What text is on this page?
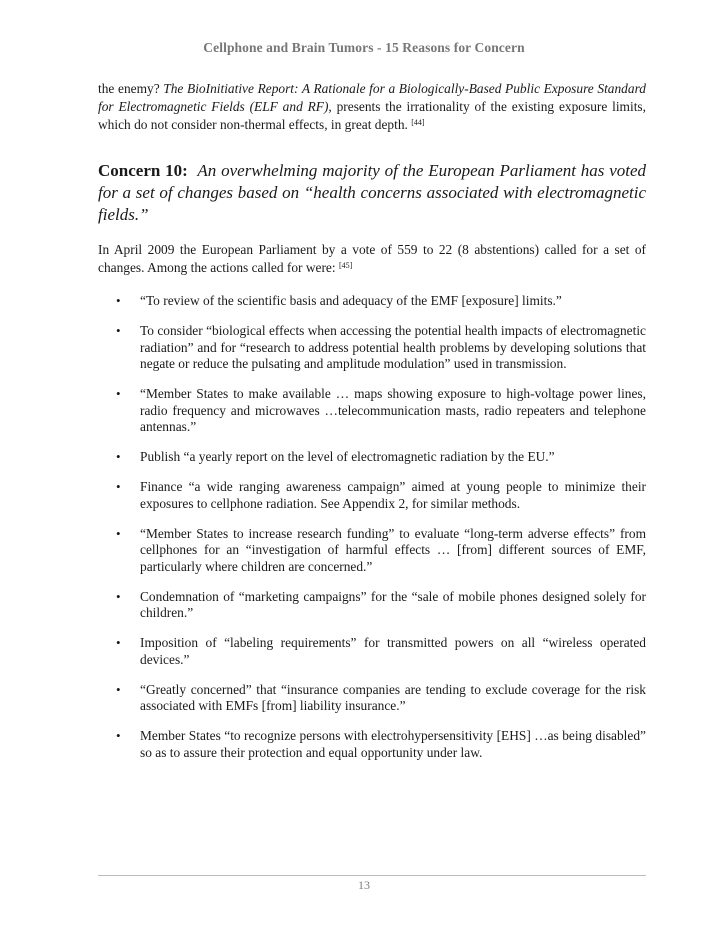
Cellphone and Brain Tumors - 15 Reasons for Concern

the enemy? The BioInitiative Report: A Rationale for a Biologically-Based Public Exposure Standard for Electromagnetic Fields (ELF and RF), presents the irrationality of the existing exposure limits, which do not consider non-thermal effects, in great depth. [44]

Concern 10: An overwhelming majority of the European Parliament has voted for a set of changes based on “health concerns associated with electromagnetic fields.”

In April 2009 the European Parliament by a vote of 559 to 22 (8 abstentions) called for a set of changes. Among the actions called for were: [45]

• “To review of the scientific basis and adequacy of the EMF [exposure] limits.”
• To consider “biological effects when accessing the potential health impacts of electromagnetic radiation” and for “research to address potential health problems by developing solutions that negate or reduce the pulsating and amplitude modulation” used in transmission.
• “Member States to make available … maps showing exposure to high-voltage power lines, radio frequency and microwaves …telecommunication masts, radio repeaters and telephone antennas.”
• Publish “a yearly report on the level of electromagnetic radiation by the EU.”
• Finance “a wide ranging awareness campaign” aimed at young people to minimize their exposures to cellphone radiation. See Appendix 2, for similar methods.
• “Member States to increase research funding” to evaluate “long-term adverse effects” from cellphones for an “investigation of harmful effects … [from] different sources of EMF, particularly where children are concerned.”
• Condemnation of “marketing campaigns” for the “sale of mobile phones designed solely for children.”
• Imposition of “labeling requirements” for transmitted powers on all “wireless operated devices.”
• “Greatly concerned” that “insurance companies are tending to exclude coverage for the risk associated with EMFs [from] liability insurance.”
• Member States “to recognize persons with electrohypersensitivity [EHS] …as being disabled” so as to assure their protection and equal opportunity under law.
13
